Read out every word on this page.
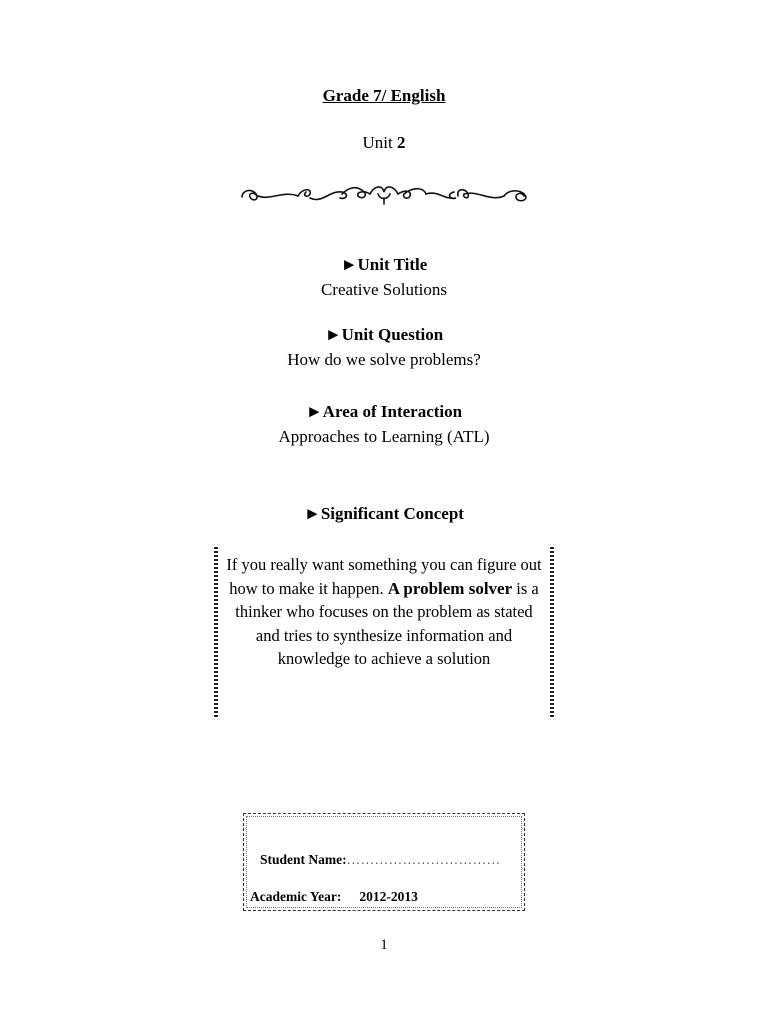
Grade 7/ English
Unit 2
►Unit Title
Creative Solutions
►Unit Question
How do we solve problems?
►Area of Interaction
Approaches to Learning (ATL)
►Significant Concept
If you really want something you can figure out how to make it happen. A problem solver is a thinker who focuses on the problem as stated and tries to synthesize information and knowledge to achieve a solution
Student Name:……………………………
Academic Year: 2012-2013
1
